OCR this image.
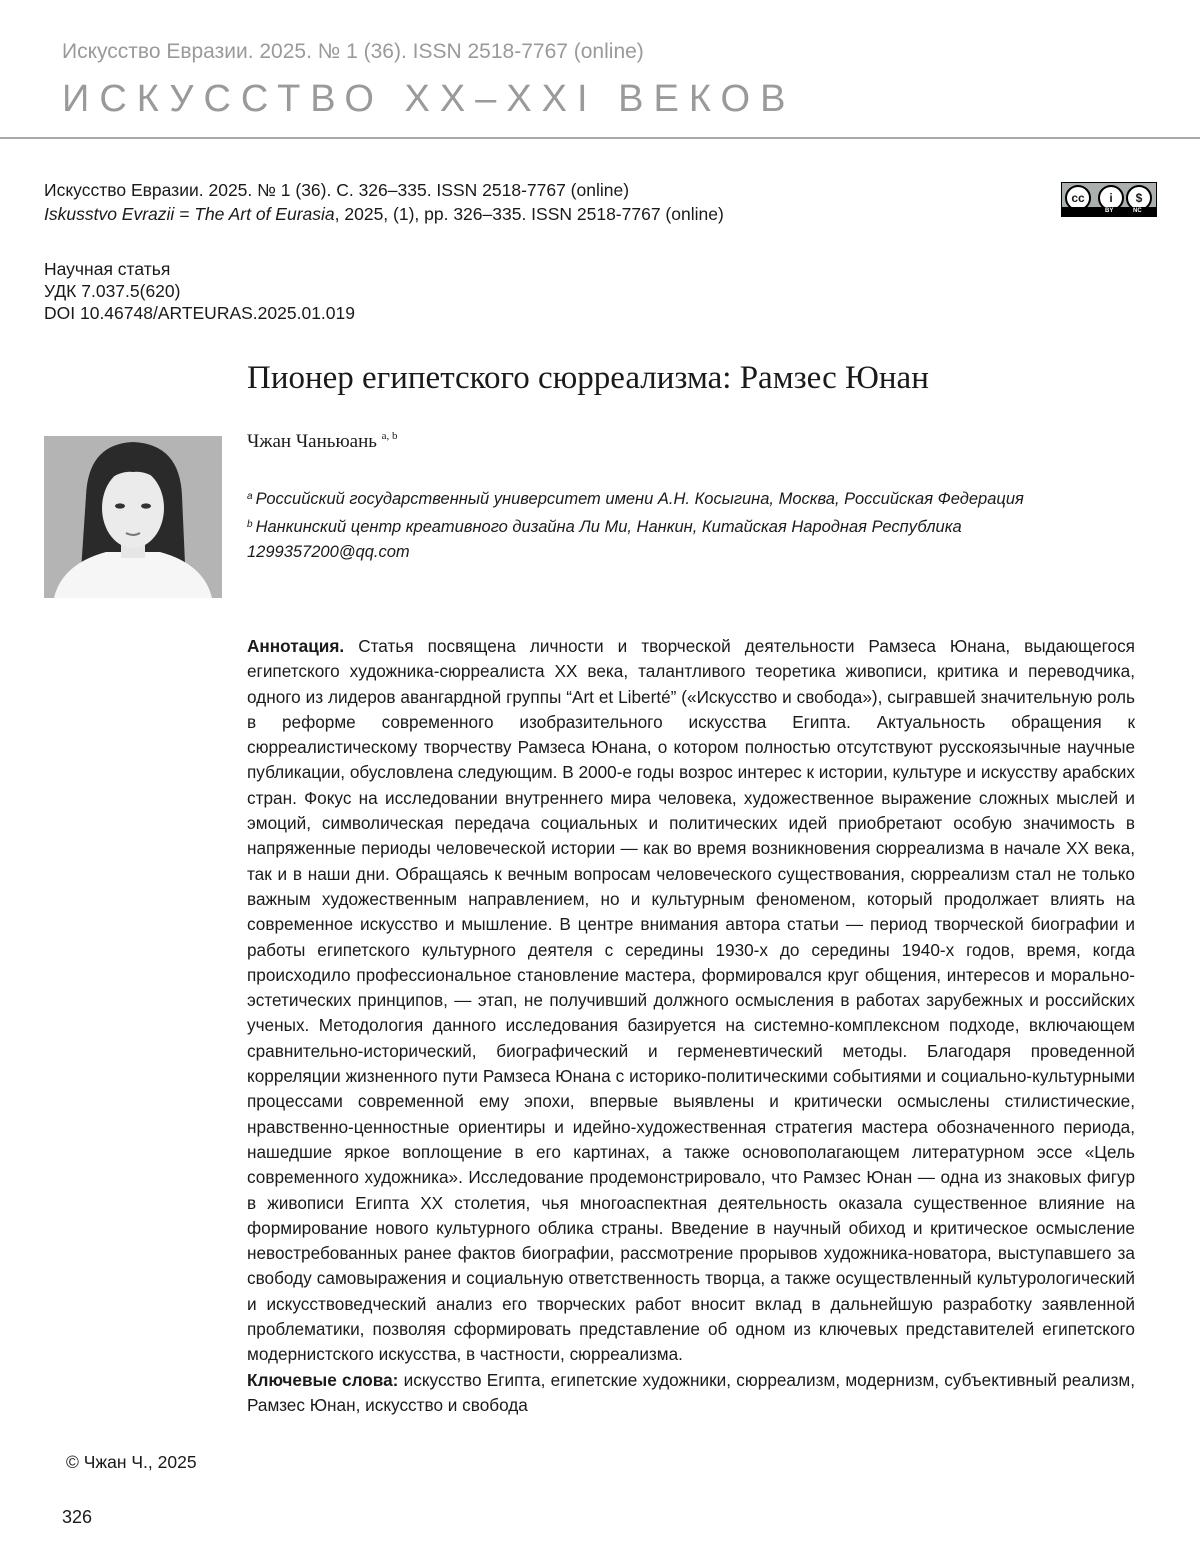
Искусство Евразии. 2025. № 1 (36). ISSN 2518-7767 (online)
ИСКУССТВО XX–XXI ВЕКОВ
Искусство Евразии. 2025. № 1 (36). С. 326–335. ISSN 2518-7767 (online)
Iskusstvo Evrazii = The Art of Eurasia, 2025, (1), pp. 326–335. ISSN 2518-7767 (online)
cc	i	$
BY	NC
Научная статья
УДК 7.037.5(620)
DOI 10.46748/ARTEURAS.2025.01.019
Пионер египетского сюрреализма: Рамзес Юнан
Чжан Чаньюань $^{a, b}$
$^a$ Российский государственный университет имени А.Н. Косыгина, Москва, Российская Федерация
$^b$ Нанкинский центр креативного дизайна Ли Ми, Нанкин, Китайская Народная Республика
1299357200@qq.com

Аннотация. Статья посвящена личности и творческой деятельности Рамзеса Юнана, выдающегося египетского художника-сюрреалиста XX века, талантливого теоретика живописи, критика и переводчика, одного из лидеров авангардной группы “Art et Liberté” («Искусство и свобода»), сыгравшей значительную роль в реформе современного изобразительного искусства Египта. Актуальность обращения к сюрреалистическому творчеству Рамзеса Юнана, о котором полностью отсутствуют русскоязычные научные публикации, обусловлена следующим. В 2000-е годы возрос интерес к истории, культуре и искусству арабских стран. Фокус на исследовании внутреннего мира человека, художественное выражение сложных мыслей и эмоций, символическая передача социальных и политических идей приобретают особую значимость в напряженные периоды человеческой истории — как во время возникновения сюрреализма в начале XX века, так и в наши дни. Обращаясь к вечным вопросам человеческого существования, сюрреализм стал не только важным художественным направлением, но и культурным феноменом, который продолжает влиять на современное искусство и мышление. В центре внимания автора статьи — период творческой биографии и работы египетского культурного деятеля с середины 1930-х до середины 1940-х годов, время, когда происходило профессиональное становление мастера, формировался круг общения, интересов и морально-эстетических принципов, — этап, не получивший должного осмысления в работах зарубежных и российских ученых. Методология данного исследования базируется на системно-комплексном подходе, включающем сравнительно-исторический, биографический и герменевтический методы. Благодаря проведенной корреляции жизненного пути Рамзеса Юнана с историко-политическими событиями и социально-культурными процессами современной ему эпохи, впервые выявлены и критически осмыслены стилистические, нравственно-ценностные ориентиры и идейно-художественная стратегия мастера обозначенного периода, нашедшие яркое воплощение в его картинах, а также основополагающем литературном эссе «Цель современного художника». Исследование продемонстрировало, что Рамзес Юнан — одна из знаковых фигур в живописи Египта XX столетия, чья многоаспектная деятельность оказала существенное влияние на формирование нового культурного облика страны. Введение в научный обиход и критическое осмысление невостребованных ранее фактов биографии, рассмотрение прорывов художника-новатора, выступавшего за свободу самовыражения и социальную ответственность творца, а также осуществленный культурологический и искусствоведческий анализ его творческих работ вносит вклад в дальнейшую разработку заявленной проблематики, позволяя сформировать представление об одном из ключевых представителей египетского модернистского искусства, в частности, сюрреализма.

Ключевые слова: искусство Египта, египетские художники, сюрреализм, модернизм, субъективный реализм, Рамзес Юнан, искусство и свобода

© Чжан Ч., 2025
326
